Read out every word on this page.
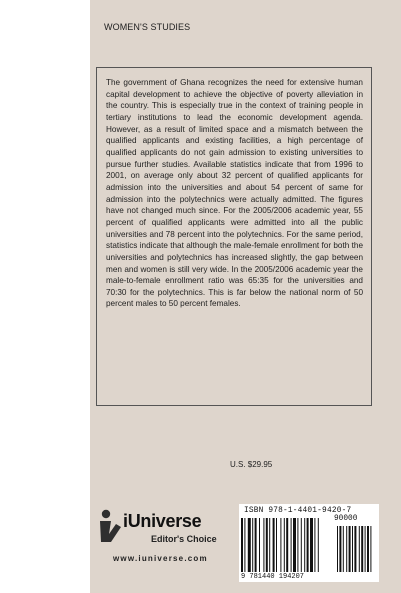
WOMEN'S STUDIES

The government of Ghana recognizes the need for extensive human capital development to achieve the objective of poverty alleviation in the country. This is especially true in the context of training people in tertiary institutions to lead the economic development agenda. However, as a result of limited space and a mismatch between the qualified applicants and existing facilities, a high percentage of qualified applicants do not gain admission to existing universities to pursue further studies. Available statistics indicate that from 1996 to 2001, on average only about 32 percent of qualified applicants for admission into the universities and about 54 percent of same for admission into the polytechnics were actually admitted. The figures have not changed much since. For the 2005/2006 academic year, 55 percent of qualified applicants were admitted into all the public universities and 78 percent into the polytechnics. For the same period, statistics indicate that although the male-female enrollment for both the universities and polytechnics has increased slightly, the gap between men and women is still very wide. In the 2005/2006 academic year the male-to-female enrollment ratio was 65:35 for the universities and 70:30 for the polytechnics. This is far below the national norm of 50 percent males to 50 percent females.

U.S. $29.95
iUniverse
Editor's Choice
www.iuniverse.com
ISBN 978-1-4401-9420-7
90000
9 781440 194207
